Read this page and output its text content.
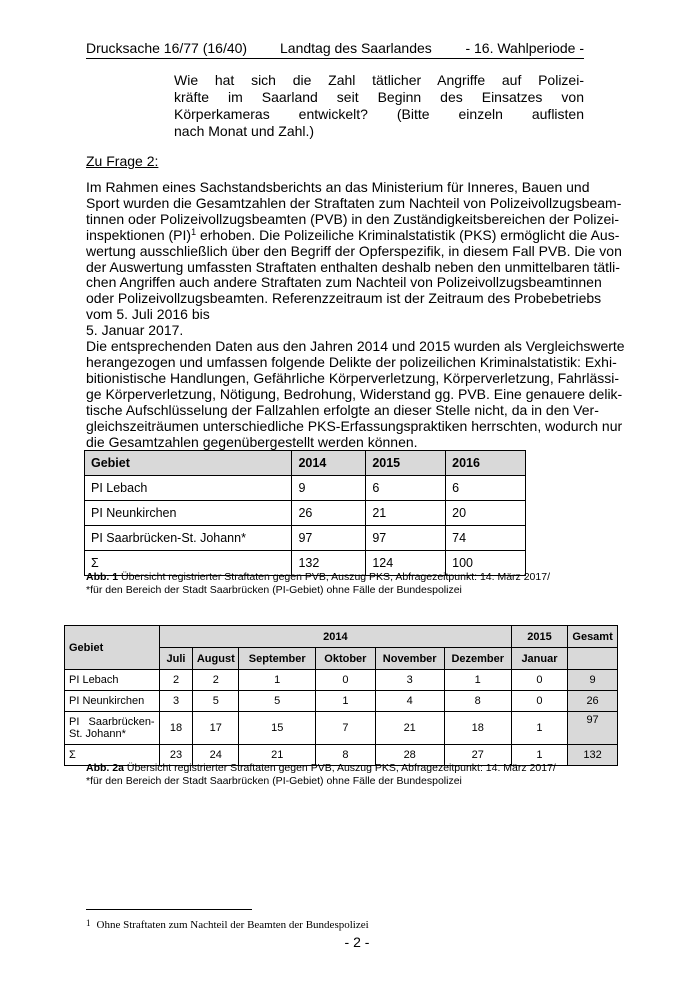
Drucksache 16/77 (16/40) Landtag des Saarlandes - 16. Wahlperiode -
Wie hat sich die Zahl tätlicher Angriffe auf Polizei-
kräfte im Saarland seit Beginn des Einsatzes von
Körperkameras entwickelt? (Bitte einzeln auflisten
nach Monat und Zahl.)
Zu Frage 2:
Im Rahmen eines Sachstandsberichts an das Ministerium für Inneres, Bauen und
Sport wurden die Gesamtzahlen der Straftaten zum Nachteil von Polizeivollzugsbeam-
tinnen oder Polizeivollzugsbeamten (PVB) in den Zuständigkeitsbereichen der Polizei-
inspektionen (PI)$^1$ erhoben. Die Polizeiliche Kriminalstatistik (PKS) ermöglicht die Aus-
wertung ausschließlich über den Begriff der Opferspezifik, in diesem Fall PVB. Die von
der Auswertung umfassten Straftaten enthalten deshalb neben den unmittelbaren tätli-
chen Angriffen auch andere Straftaten zum Nachteil von Polizeivollzugsbeamtinnen
oder Polizeivollzugsbeamten. Referenzzeitraum ist der Zeitraum des Probebetriebs
vom 5. Juli 2016 bis
5. Januar 2017.
Die entsprechenden Daten aus den Jahren 2014 und 2015 wurden als Vergleichswerte
herangezogen und umfassen folgende Delikte der polizeilichen Kriminalstatistik: Exhi-
bitionistische Handlungen, Gefährliche Körperverletzung, Körperverletzung, Fahrlässi-
ge Körperverletzung, Nötigung, Bedrohung, Widerstand gg. PVB. Eine genauere delik-
tische Aufschlüsselung der Fallzahlen erfolgte an dieser Stelle nicht, da in den Ver-
gleichszeiträumen unterschiedliche PKS-Erfassungspraktiken herrschten, wodurch nur
die Gesamtzahlen gegenübergestellt werden können.
Gebiet	2014	2015	2016
PI Lebach	9	6	6
PI Neunkirchen	26	21	20
PI Saarbrücken-St. Johann*	97	97	74
Σ	132	124	100
Abb. 1 Übersicht registrierter Straftaten gegen PVB, Auszug PKS, Abfragezeitpunkt: 14. März 2017/
*für den Bereich der Stadt Saarbrücken (PI-Gebiet) ohne Fälle der Bundespolizei
Gebiet	2014						2015	Gesamt
	Juli	August	September	Oktober	November	Dezember	Januar	
PI Lebach	2	2	1	0	3	1	0	9
PI Neunkirchen	3	5	5	1	4	8	0	26

PI   Saarbrücken-
St. Johann*	18	17	15	7	21	18	1	97
Σ	23	24	21	8	28	27	1	132
Abb. 2a Übersicht registrierter Straftaten gegen PVB, Auszug PKS, Abfragezeitpunkt: 14. März 2017/
*für den Bereich der Stadt Saarbrücken (PI-Gebiet) ohne Fälle der Bundespolizei
1 Ohne Straftaten zum Nachteil der Beamten der Bundespolizei
- 2 -
